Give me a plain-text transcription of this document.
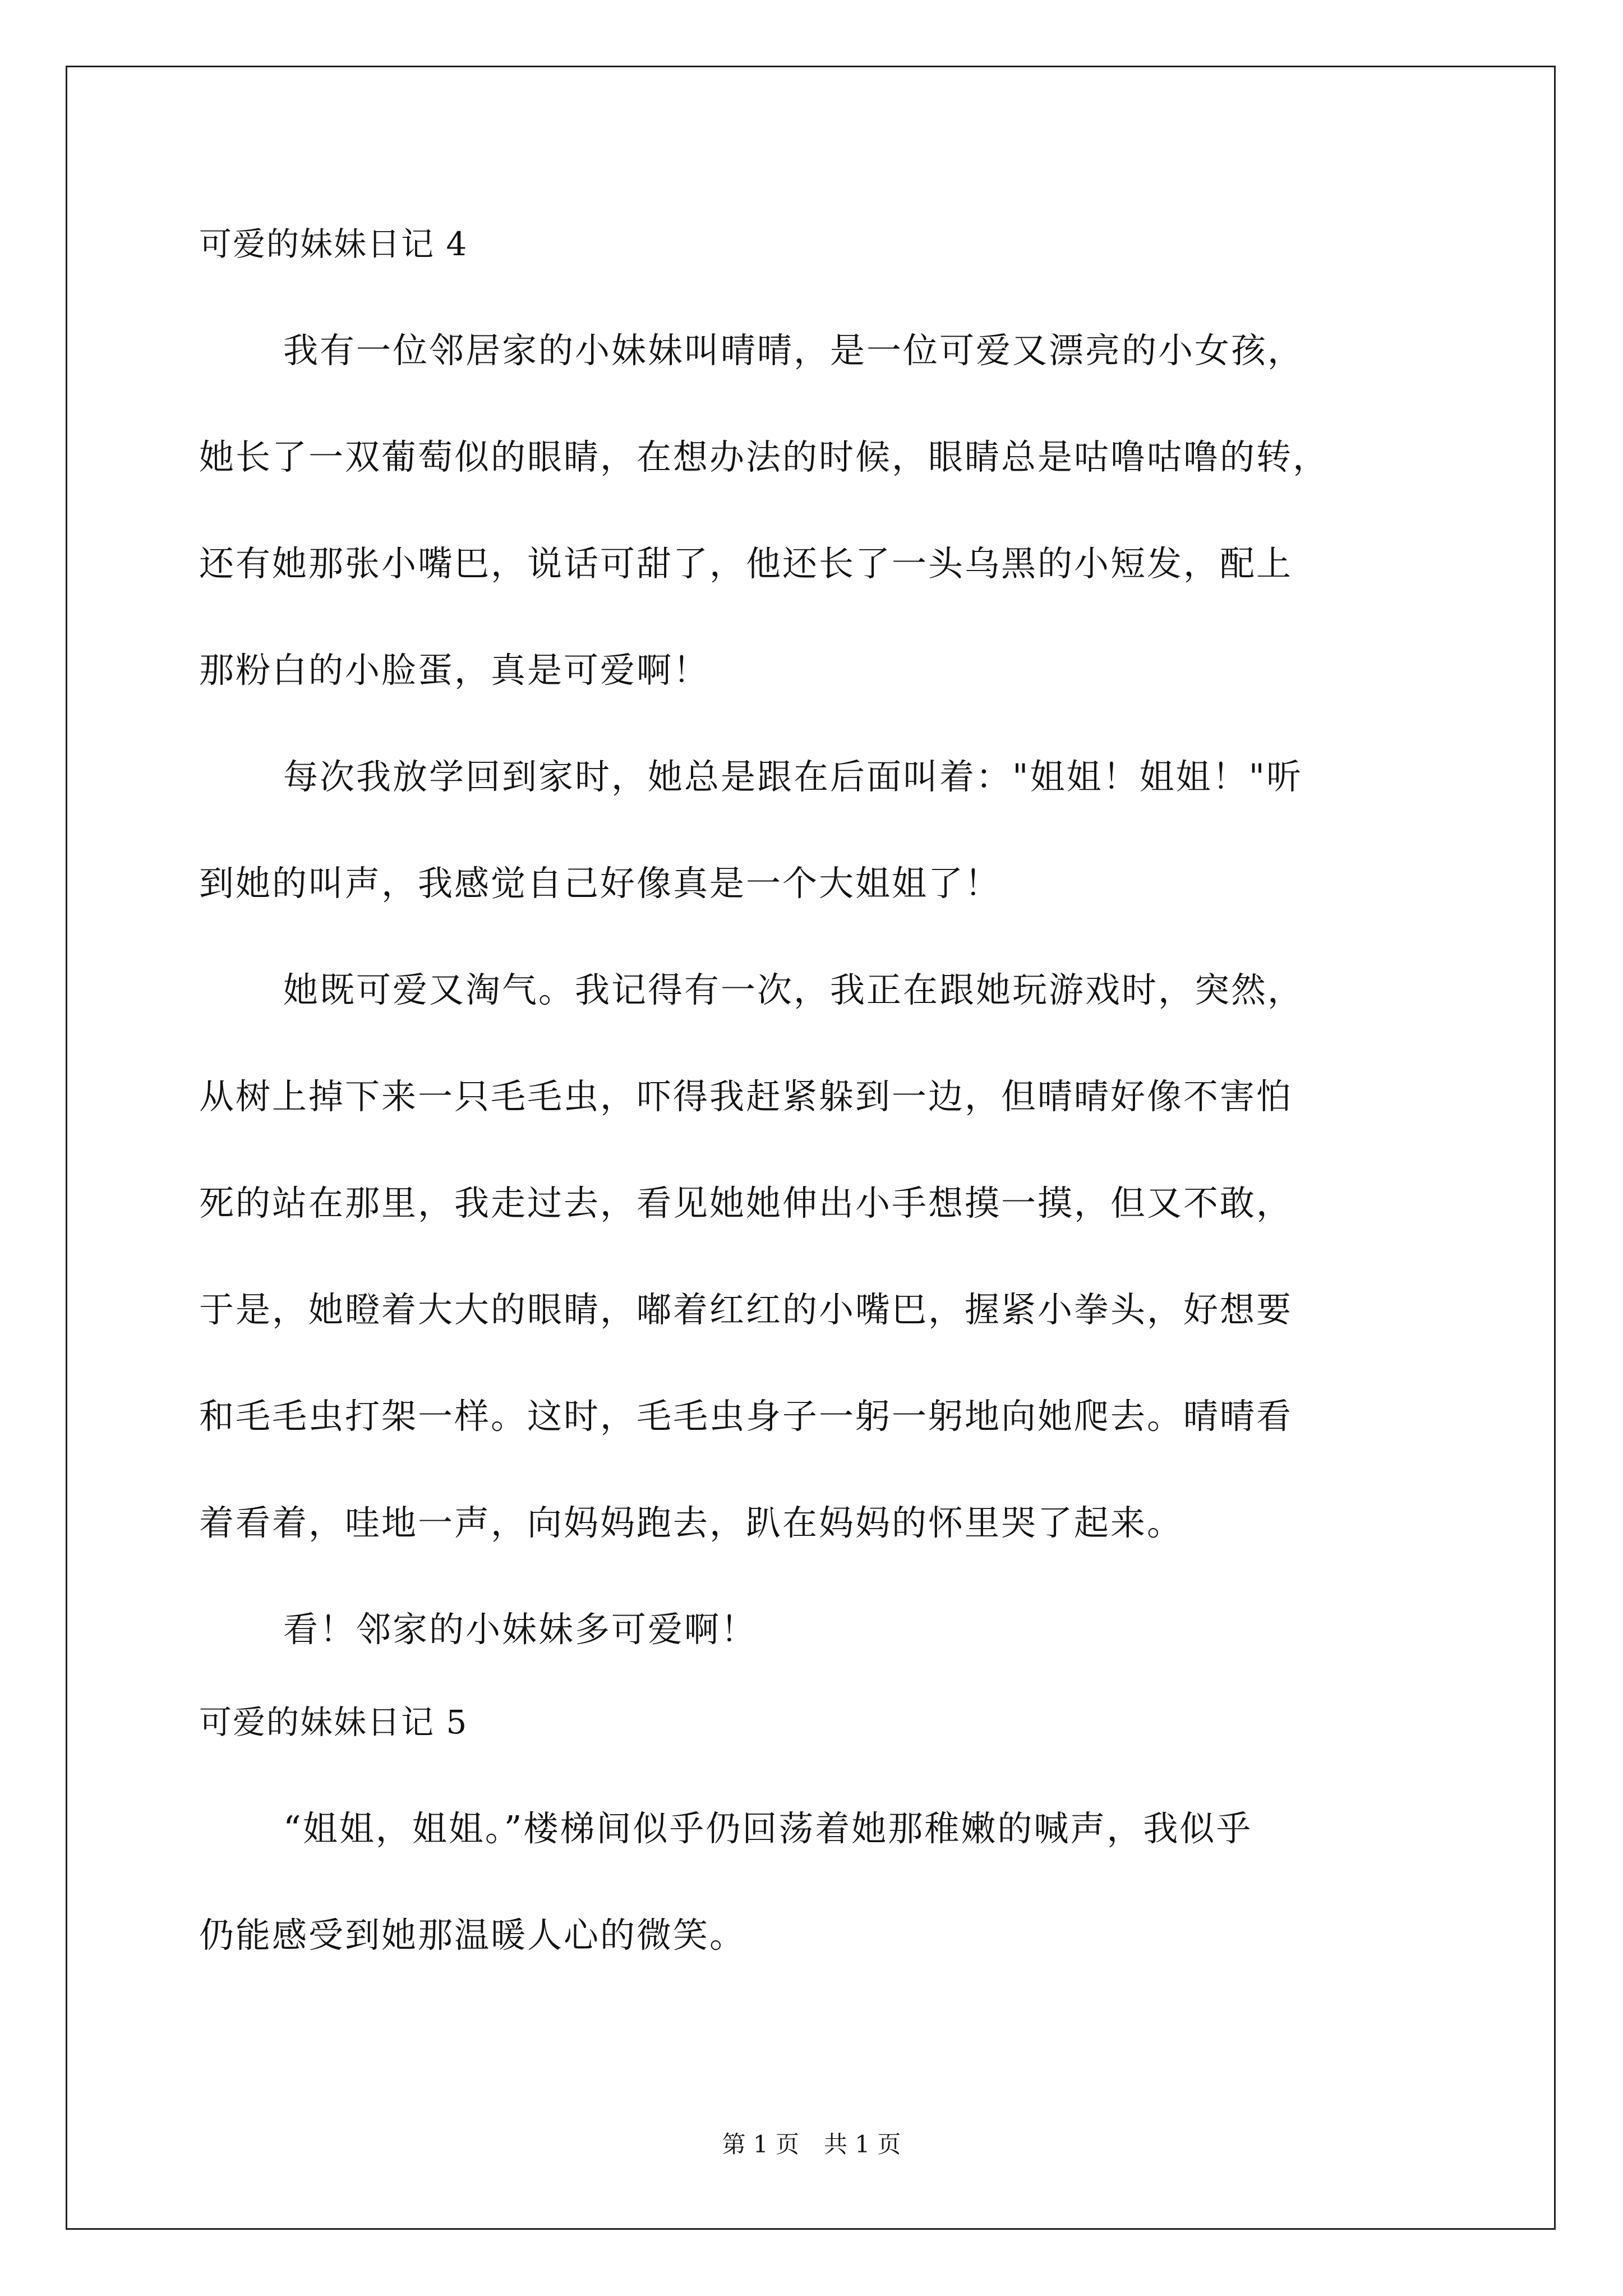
可爱的妹妹日记 4
我有一位邻居家的小妹妹叫晴晴，是一位可爱又漂亮的小女孩，
她长了一双葡萄似的眼睛，在想办法的时候，眼睛总是咕噜咕噜的转，
还有她那张小嘴巴，说话可甜了，他还长了一头乌黑的小短发，配上
那粉白的小脸蛋，真是可爱啊！
每次我放学回到家时，她总是跟在后面叫着："姐姐！姐姐！"听
到她的叫声，我感觉自己好像真是一个大姐姐了！
她既可爱又淘气。我记得有一次，我正在跟她玩游戏时，突然，
从树上掉下来一只毛毛虫，吓得我赶紧躲到一边，但晴晴好像不害怕
死的站在那里，我走过去，看见她她伸出小手想摸一摸，但又不敢，
于是，她瞪着大大的眼睛，嘟着红红的小嘴巴，握紧小拳头，好想要
和毛毛虫打架一样。这时，毛毛虫身子一躬一躬地向她爬去。晴晴看
着看着，哇地一声，向妈妈跑去，趴在妈妈的怀里哭了起来。
看！邻家的小妹妹多可爱啊！
可爱的妹妹日记 5
“姐姐，姐姐。”楼梯间似乎仍回荡着她那稚嫩的喊声，我似乎
仍能感受到她那温暖人心的微笑。
第 1 页 共 1 页
